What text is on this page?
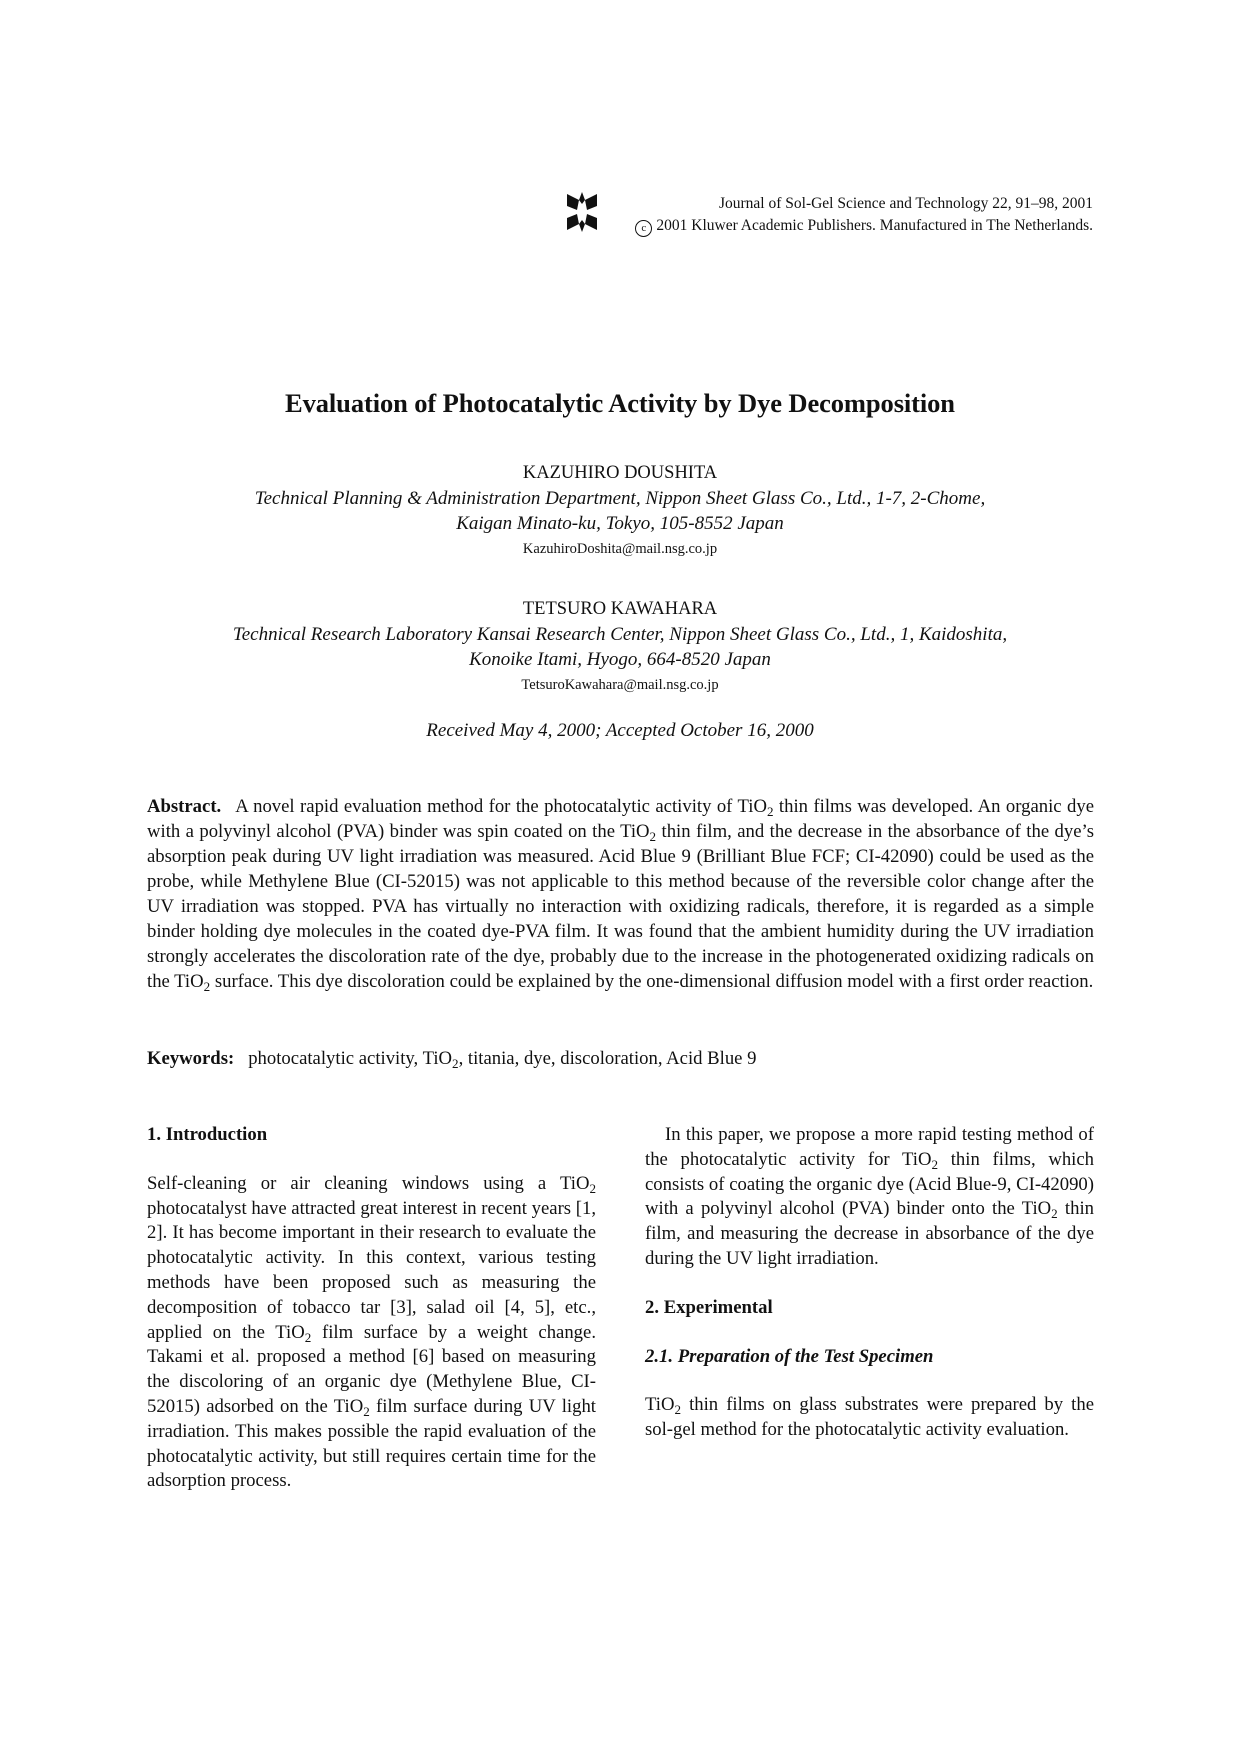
Journal of Sol-Gel Science and Technology 22, 91–98, 2001
c 2001 Kluwer Academic Publishers. Manufactured in The Netherlands.
Evaluation of Photocatalytic Activity by Dye Decomposition
KAZUHIRO DOUSHITA
Technical Planning & Administration Department, Nippon Sheet Glass Co., Ltd., 1-7, 2-Chome,
Kaigan Minato-ku, Tokyo, 105-8552 Japan
KazuhiroDoshita@mail.nsg.co.jp
TETSURO KAWAHARA
Technical Research Laboratory Kansai Research Center, Nippon Sheet Glass Co., Ltd., 1, Kaidoshita,
Konoike Itami, Hyogo, 664-8520 Japan
TetsuroKawahara@mail.nsg.co.jp
Received May 4, 2000; Accepted October 16, 2000
Abstract. A novel rapid evaluation method for the photocatalytic activity of TiO$_2$ thin films was developed. An organic dye with a polyvinyl alcohol (PVA) binder was spin coated on the TiO$_2$ thin film, and the decrease in the absorbance of the dye’s absorption peak during UV light irradiation was measured. Acid Blue 9 (Brilliant Blue FCF; CI-42090) could be used as the probe, while Methylene Blue (CI-52015) was not applicable to this method because of the reversible color change after the UV irradiation was stopped. PVA has virtually no interaction with oxidizing radicals, therefore, it is regarded as a simple binder holding dye molecules in the coated dye-PVA film. It was found that the ambient humidity during the UV irradiation strongly accelerates the discoloration rate of the dye, probably due to the increase in the photogenerated oxidizing radicals on the TiO$_2$ surface. This dye discoloration could be explained by the one-dimensional diffusion model with a first order reaction.
Keywords: photocatalytic activity, TiO$_2$, titania, dye, discoloration, Acid Blue 9
1. Introduction

Self-cleaning or air cleaning windows using a TiO$_2$ photocatalyst have attracted great interest in recent years [1, 2]. It has become important in their research to evaluate the photocatalytic activity. In this context, various testing methods have been proposed such as measuring the decomposition of tobacco tar [3], salad oil [4, 5], etc., applied on the TiO$_2$ film surface by a weight change. Takami et al. proposed a method [6] based on measuring the discoloring of an organic dye (Methylene Blue, CI-52015) adsorbed on the TiO$_2$ film surface during UV light irradiation. This makes possible the rapid evaluation of the photocatalytic activity, but still requires certain time for the adsorption process.

In this paper, we propose a more rapid testing method of the photocatalytic activity for TiO$_2$ thin films, which consists of coating the organic dye (Acid Blue-9, CI-42090) with a polyvinyl alcohol (PVA) binder onto the TiO$_2$ thin film, and measuring the decrease in absorbance of the dye during the UV light irradiation.

2. Experimental
2.1. Preparation of the Test Specimen

TiO$_2$ thin films on glass substrates were prepared by the sol-gel method for the photocatalytic activity evaluation.
